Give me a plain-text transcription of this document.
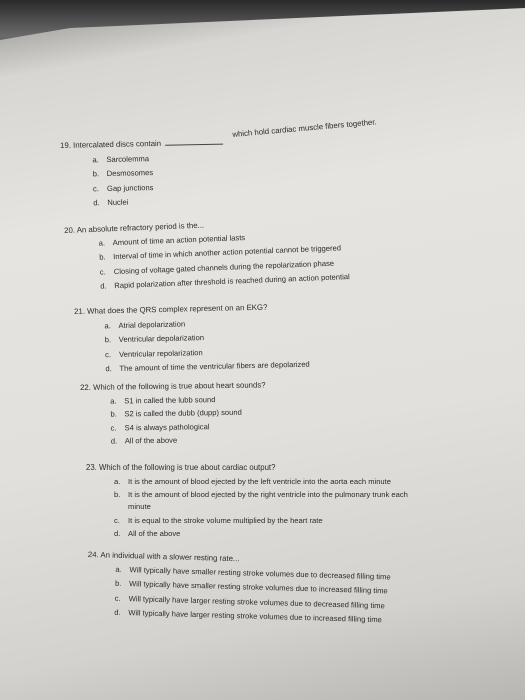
19. Intercalated discs contain
a. Sarcolemma
b. Desmosomes
c. Gap junctions
d. Nuclei
which hold cardiac muscle fibers together.
20. An absolute refractory period is the...
a. Amount of time an action potential lasts
b. Interval of time in which another action potential cannot be triggered
c. Closing of voltage gated channels during the repolarization phase
d. Rapid polarization after threshold is reached during an action potential
21. What does the QRS complex represent on an EKG?
a. Atrial depolarization
b. Ventricular depolarization
c. Ventricular repolarization
d. The amount of time the ventricular fibers are depolarized
22. Which of the following is true about heart sounds?
a. S1 in called the lubb sound
b. S2 is called the dubb (dupp) sound
c. S4 is always pathological
d. All of the above
23. Which of the following is true about cardiac output?
a. It is the amount of blood ejected by the left ventricle into the aorta each minute
b. It is the amount of blood ejected by the right ventricle into the pulmonary trunk each
minute
c. It is equal to the stroke volume multiplied by the heart rate
d. All of the above
24. An individual with a slower resting rate...
a. Will typically have smaller resting stroke volumes due to decreased filling time
b. Will typically have smaller resting stroke volumes due to increased filling time
c. Will typically have larger resting stroke volumes due to decreased filling time
d. Will typically have larger resting stroke volumes due to increased filling time
